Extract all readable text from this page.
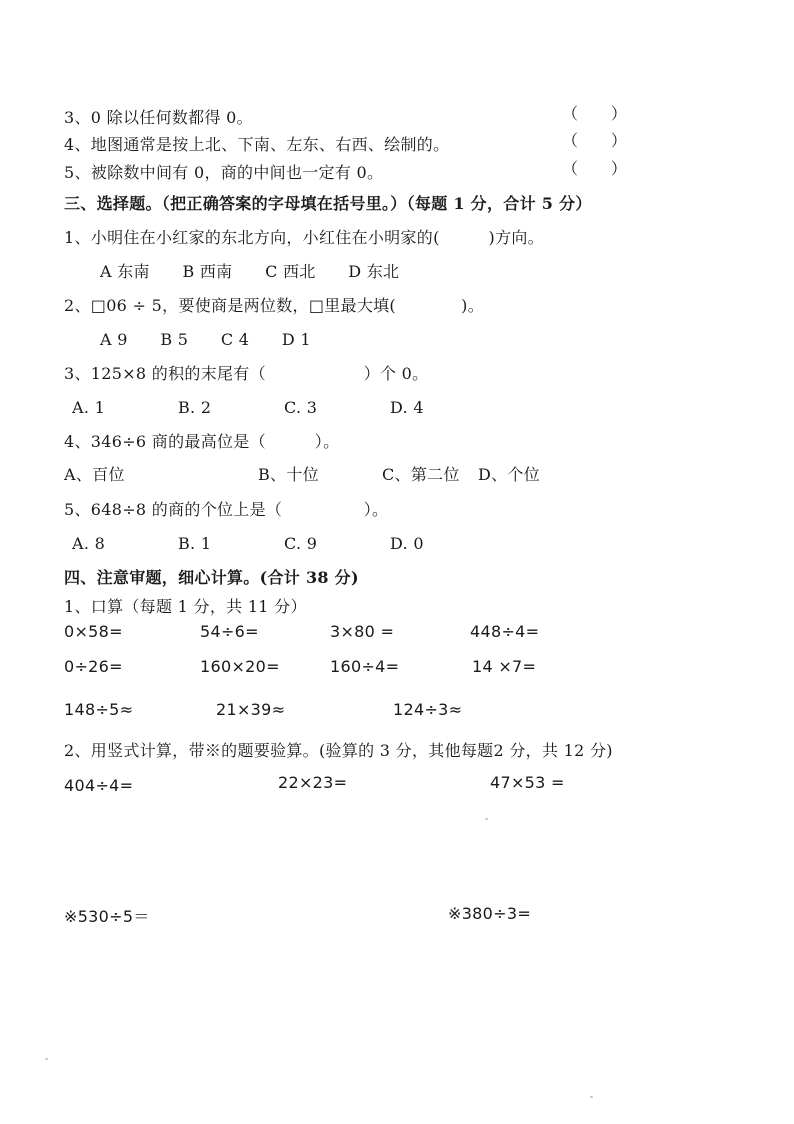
3、0 除以任何数都得 0。	（　　）
4、地图通常是按上北、下南、左东、右西、绘制的。	（　　）
5、被除数中间有 0，商的中间也一定有 0。	（　　）
三、选择题。（把正确答案的字母填在括号里。）（每题 1 分，合计 5 分）
1、小明住在小红家的东北方向，小红住在小明家的(　　　)方向。
A 东南　　B 西南　　C 西北　　D 东北
2、□06 ÷ 5，要使商是两位数，□里最大填(　　　　)。
A 9　　B 5　　C 4　　D 1
3、125×8 的积的末尾有（　　　　　　）个 0。
A. 1	B. 2	C. 3	D. 4
4、346÷6 商的最高位是（　　　）。
A、百位	B、十位	C、第二位 D、个位
5、648÷8 的商的个位上是（　　　　　）。
A. 8	B. 1	C. 9	D. 0
四、注意审题，细心计算。(合计 38 分)
1、口算（每题 1 分，共 11 分）
0×58=	54÷6=	3×80 =	448÷4=
0÷26=	160×20=	160÷4=	14 ×7=
148÷5≈	21×39≈	124÷3≈
2、用竖式计算，带※的题要验算。(验算的 3 分，其他每题2 分，共 12 分)
404÷4=	22×23=	47×53 =
※530÷5＝	※380÷3=
